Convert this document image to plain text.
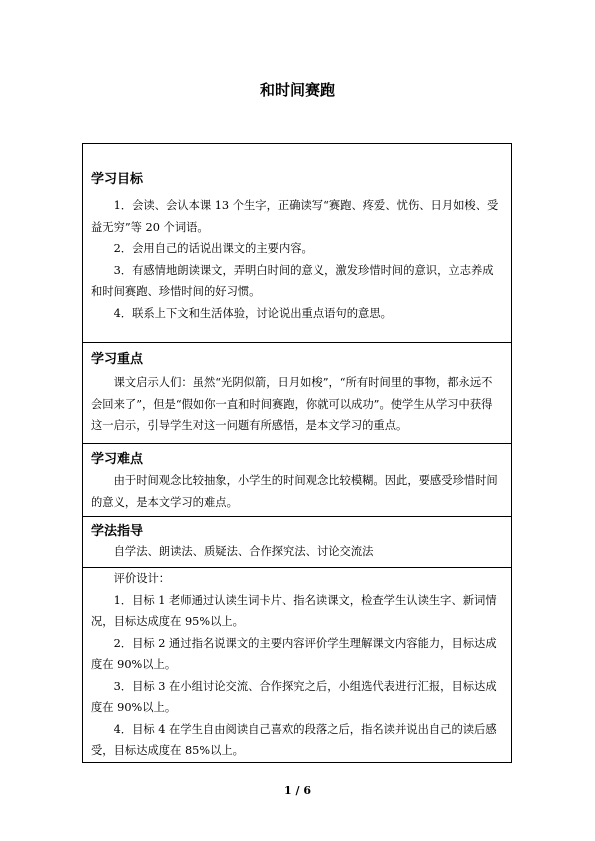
和时间赛跑
学习目标

1．会读、会认本课 13 个生字，正确读写“赛跑、疼爱、忧伤、日月如梭、受益无穷”等 20 个词语。

2．会用自己的话说出课文的主要内容。

3．有感情地朗读课文，弄明白时间的意义，激发珍惜时间的意识，立志养成和时间赛跑、珍惜时间的好习惯。

4．联系上下文和生活体验，讨论说出重点语句的意思。

学习重点

课文启示人们：虽然“光阴似箭，日月如梭”，“所有时间里的事物，都永远不会回来了”，但是“假如你一直和时间赛跑，你就可以成功”。使学生从学习中获得这一启示，引导学生对这一问题有所感悟，是本文学习的重点。

学习难点

由于时间观念比较抽象，小学生的时间观念比较模糊。因此，要感受珍惜时间的意义，是本文学习的难点。

学法指导

自学法、朗读法、质疑法、合作探究法、讨论交流法

评价设计：

1．目标 1 老师通过认读生词卡片、指名读课文，检查学生认读生字、新词情况，目标达成度在 95%以上。

2．目标 2 通过指名说课文的主要内容评价学生理解课文内容能力，目标达成度在 90%以上。

3．目标 3 在小组讨论交流、合作探究之后，小组选代表进行汇报，目标达成度在 90%以上。

4．目标 4 在学生自由阅读自己喜欢的段落之后，指名读并说出自己的读后感受，目标达成度在 85%以上。

1 / 6
